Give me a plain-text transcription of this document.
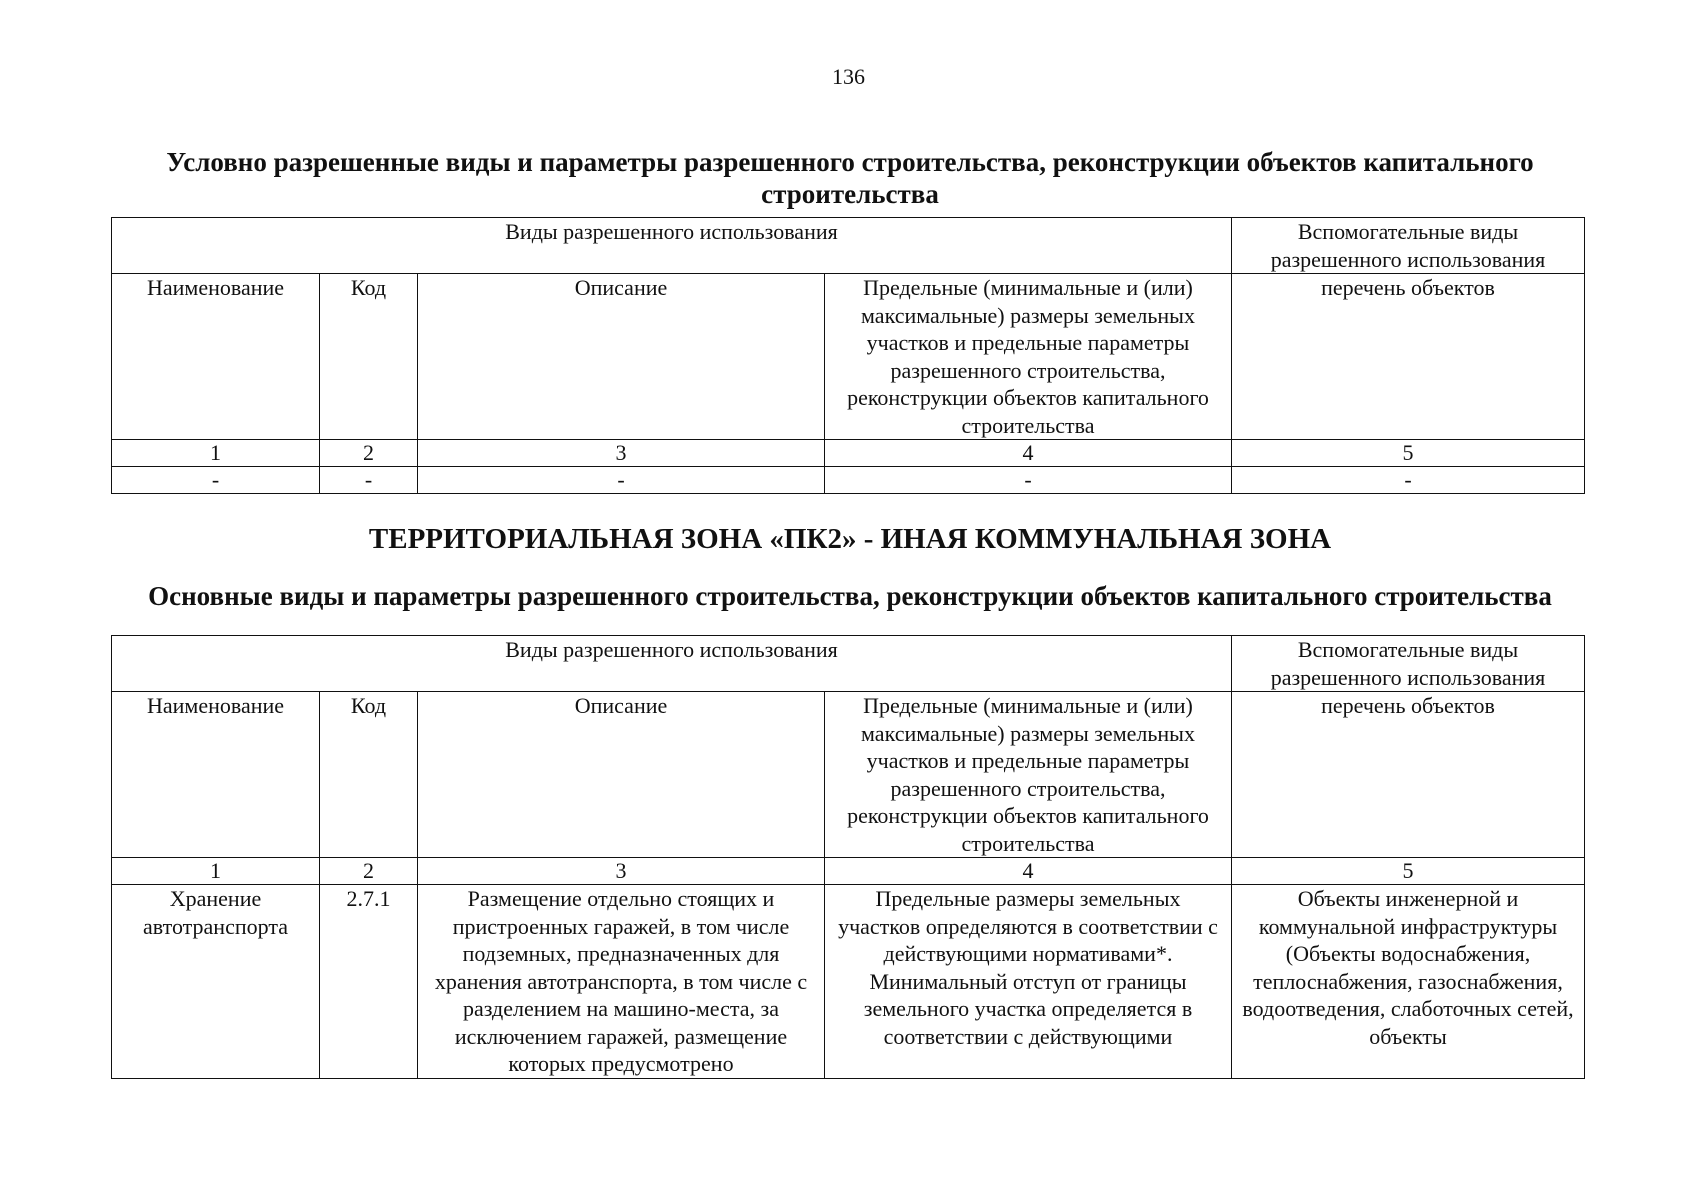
136
Условно разрешенные виды и параметры разрешенного строительства, реконструкции объектов капитального строительства
Виды разрешенного использования				Вспомогательные виды разрешенного использования
Наименование	Код	Описание	Предельные (минимальные и (или) максимальные) размеры земельных участков и предельные параметры разрешенного строительства, реконструкции объектов капитального строительства	перечень объектов
1	2	3	4	5
-	-	-	-	-
ТЕРРИТОРИАЛЬНАЯ ЗОНА «ПК2» - ИНАЯ КОММУНАЛЬНАЯ ЗОНА
Основные виды и параметры разрешенного строительства, реконструкции объектов капитального строительства
Виды разрешенного использования				Вспомогательные виды разрешенного использования
Наименование	Код	Описание	Предельные (минимальные и (или) максимальные) размеры земельных участков и предельные параметры разрешенного строительства, реконструкции объектов капитального строительства	перечень объектов
1	2	3	4	5
Хранение автотранспорта	2.7.1	Размещение отдельно стоящих и пристроенных гаражей, в том числе подземных, предназначенных для хранения автотранспорта, в том числе с разделением на машино-места, за исключением гаражей, размещение которых предусмотрено	Предельные размеры земельных участков определяются в соответствии с действующими нормативами*. Минимальный отступ от границы земельного участка определяется в соответствии с действующими	Объекты инженерной и коммунальной инфраструктуры (Объекты водоснабжения, теплоснабжения, газоснабжения, водоотведения, слаботочных сетей, объекты
